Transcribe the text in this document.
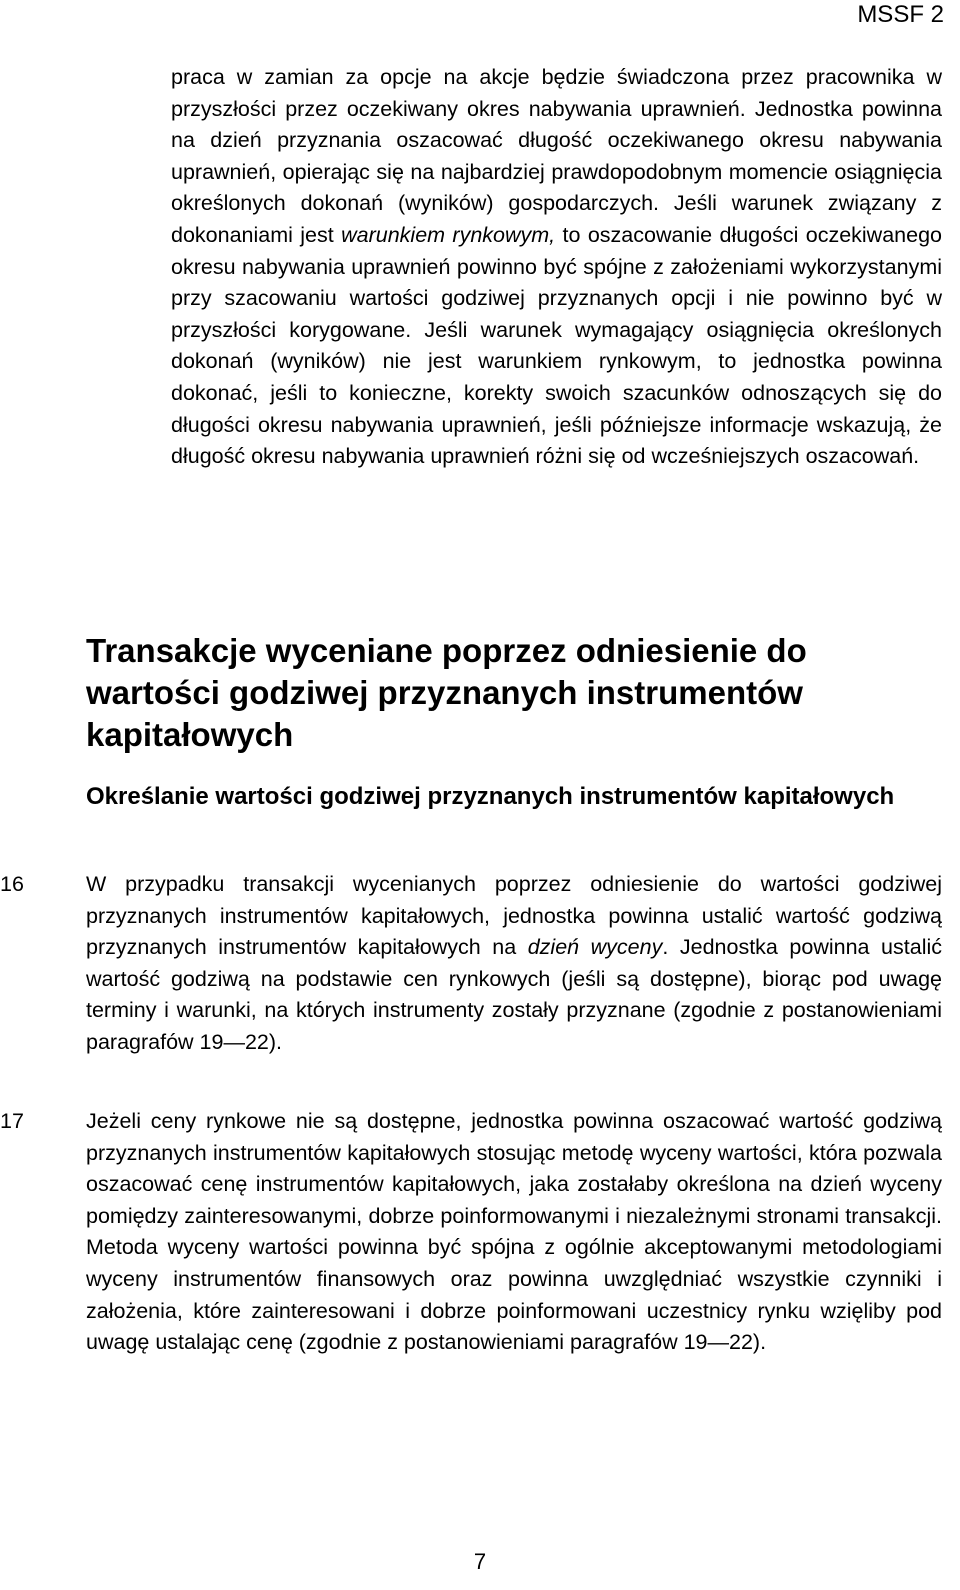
MSSF 2

praca w zamian za opcje na akcje będzie świadczona przez pracownika w przyszłości przez oczekiwany okres nabywania uprawnień. Jednostka powinna na dzień przyznania oszacować długość oczekiwanego okresu nabywania uprawnień, opierając się na najbardziej prawdopodobnym momencie osiągnięcia określonych dokonań (wyników) gospodarczych. Jeśli warunek związany z dokonaniami jest warunkiem rynkowym, to oszacowanie długości oczekiwanego okresu nabywania uprawnień powinno być spójne z założeniami wykorzystanymi przy szacowaniu wartości godziwej przyznanych opcji i nie powinno być w przyszłości korygowane. Jeśli warunek wymagający osiągnięcia określonych dokonań (wyników) nie jest warunkiem rynkowym, to jednostka powinna dokonać, jeśli to konieczne, korekty swoich szacunków odnoszących się do długości okresu nabywania uprawnień, jeśli późniejsze informacje wskazują, że długość okresu nabywania uprawnień różni się od wcześniejszych oszacowań.

Transakcje wyceniane poprzez odniesienie do wartości godziwej przyznanych instrumentów kapitałowych
Określanie wartości godziwej przyznanych instrumentów kapitałowych
16	W przypadku transakcji wycenianych poprzez odniesienie do wartości godziwej przyznanych instrumentów kapitałowych, jednostka powinna ustalić wartość godziwą przyznanych instrumentów kapitałowych na dzień wyceny. Jednostka powinna ustalić wartość godziwą na podstawie cen rynkowych (jeśli są dostępne), biorąc pod uwagę terminy i warunki, na których instrumenty zostały przyznane (zgodnie z postanowieniami paragrafów 19—22).
17	Jeżeli ceny rynkowe nie są dostępne, jednostka powinna oszacować wartość godziwą przyznanych instrumentów kapitałowych stosując metodę wyceny wartości, która pozwala oszacować cenę instrumentów kapitałowych, jaka zostałaby określona na dzień wyceny pomiędzy zainteresowanymi, dobrze poinformowanymi i niezależnymi stronami transakcji. Metoda wyceny wartości powinna być spójna z ogólnie akceptowanymi metodologiami wyceny instrumentów finansowych oraz powinna uwzględniać wszystkie czynniki i założenia, które zainteresowani i dobrze poinformowani uczestnicy rynku wzięliby pod uwagę ustalając cenę (zgodnie z postanowieniami paragrafów 19—22).
7
